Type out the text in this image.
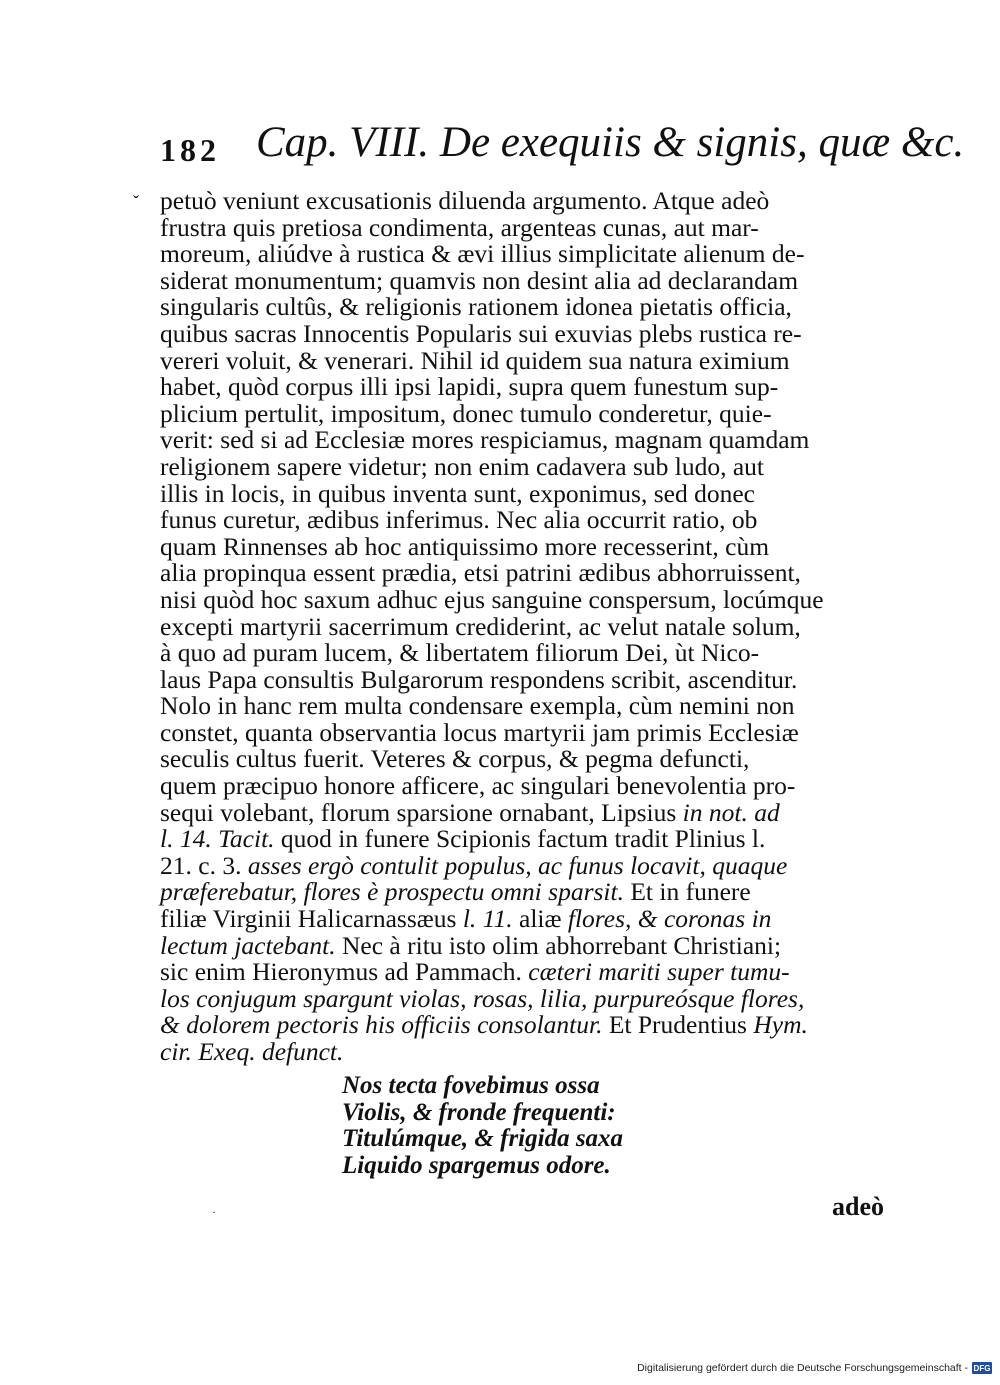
182 Cap. VIII. De exequiis & signis, quæ &c.
ˇ petuò veniunt excusationis diluenda argumento. Atque adeò
frustra quis pretiosa condimenta, argenteas cunas, aut mar-
moreum, aliúdve à rustica & ævi illius simplicitate alienum de-
siderat monumentum; quamvis non desint alia ad declarandam
singularis cultûs, & religionis rationem idonea pietatis officia,
quibus sacras Innocentis Popularis sui exuvias plebs rustica re-
vereri voluit, & venerari. Nihil id quidem sua natura eximium
habet, quòd corpus illi ipsi lapidi, supra quem funestum sup-
plicium pertulit, impositum, donec tumulo conderetur, quie-
verit: sed si ad Ecclesiæ mores respiciamus, magnam quamdam
religionem sapere videtur; non enim cadavera sub ludo, aut
illis in locis, in quibus inventa sunt, exponimus, sed donec
funus curetur, ædibus inferimus. Nec alia occurrit ratio, ob
quam Rinnenses ab hoc antiquissimo more recesserint, cùm
alia propinqua essent prædia, etsi patrini ædibus abhorruissent,
nisi quòd hoc saxum adhuc ejus sanguine conspersum, locúmque
excepti martyrii sacerrimum crediderint, ac velut natale solum,
à quo ad puram lucem, & libertatem filiorum Dei, ùt Nico-
laus Papa consultis Bulgarorum respondens scribit, ascenditur.
Nolo in hanc rem multa condensare exempla, cùm nemini non
constet, quanta observantia locus martyrii jam primis Ecclesiæ
seculis cultus fuerit. Veteres & corpus, & pegma defuncti,
quem præcipuo honore afficere, ac singulari benevolentia pro-
sequi volebant, florum sparsione ornabant, Lipsius in not. ad
l. 14. Tacit. quod in funere Scipionis factum tradit Plinius l.
21. c. 3. asses ergò contulit populus, ac funus locavit, quaque
præferebatur, flores è prospectu omni sparsit. Et in funere
filiæ Virginii Halicarnassæus l. 11. aliæ flores, & coronas in
lectum jactebant. Nec à ritu isto olim abhorrebant Christiani;
sic enim Hieronymus ad Pammach. cæteri mariti super tumu-
los conjugum spargunt violas, rosas, lilia, purpureósque flores,
& dolorem pectoris his officiis consolantur. Et Prudentius Hym.
cir. Exeq. defunct.
Nos tecta fovebimus ossa
Violis, & fronde frequenti:
Titulúmque, & frigida saxa
Liquido spargemus odore.
·	adeò
Digitalisierung gefördert durch die Deutsche Forschungsgemeinschaft - DFG
